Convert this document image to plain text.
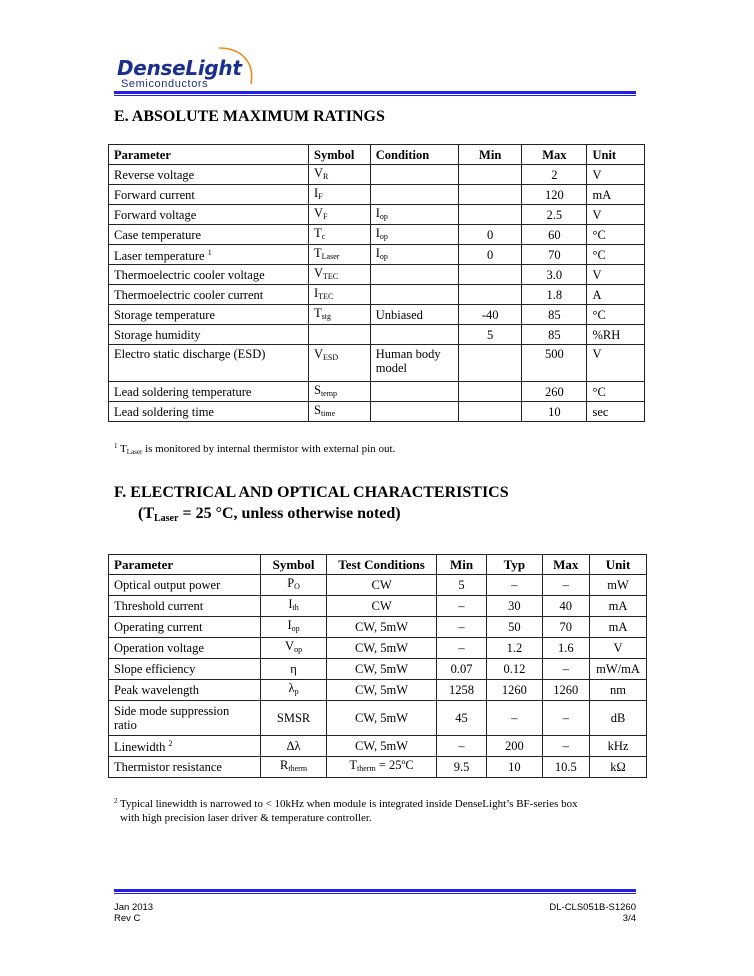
DenseLight
Semiconductors
E. ABSOLUTE MAXIMUM RATINGS
Parameter	Symbol	Condition	Min	Max	Unit
Reverse voltage	$V_R$			2	V
Forward current	$I_F$			120	mA
Forward voltage	$V_F$	$I_{op}$		2.5	V
Case temperature	$T_c$	$I_{op}$	0	60	°C
Laser temperature $^1$	$T_{Laser}$	$I_{op}$	0	70	°C
Thermoelectric cooler voltage	$V_{TEC}$			3.0	V
Thermoelectric cooler current	$I_{TEC}$			1.8	A
Storage temperature	$T_{stg}$	Unbiased	-40	85	°C
Storage humidity			5	85	%RH
Electro static discharge (ESD)	$V_{ESD}$	Human body model		500	V
Lead soldering temperature	$S_{temp}$			260	°C
Lead soldering time	$S_{time}$			10	sec
$^1$ $T_{Laser}$ is monitored by internal thermistor with external pin out.
F. ELECTRICAL AND OPTICAL CHARACTERISTICS
($T_{Laser} = 25$ °C, unless otherwise noted)
Parameter	Symbol	Test Conditions	Min	Typ	Max	Unit
Optical output power	$P_O$	CW	5	–	–	mW
Threshold current	$I_{th}$	CW	–	30	40	mA
Operating current	$I_{op}$	CW, 5mW	–	50	70	mA
Operation voltage	$V_{op}$	CW, 5mW	–	1.2	1.6	V
Slope efficiency	η	CW, 5mW	0.07	0.12	–	mW/mA
Peak wavelength	$\lambda_p$	CW, 5mW	1258	1260	1260	nm
Side mode suppression ratio	SMSR	CW, 5mW	45	–	–	dB
Linewidth $^2$	Δλ	CW, 5mW	–	200	–	kHz
Thermistor resistance	$R_{therm}$	$T_{therm}$ = 25ºC	9.5	10	10.5	kΩ
$^2$ Typical linewidth is narrowed to < 10kHz when module is integrated inside DenseLight’s BF-series box
with high precision laser driver & temperature controller.
Jan 2013
Rev C
DL-CLS051B-S1260
3/4
